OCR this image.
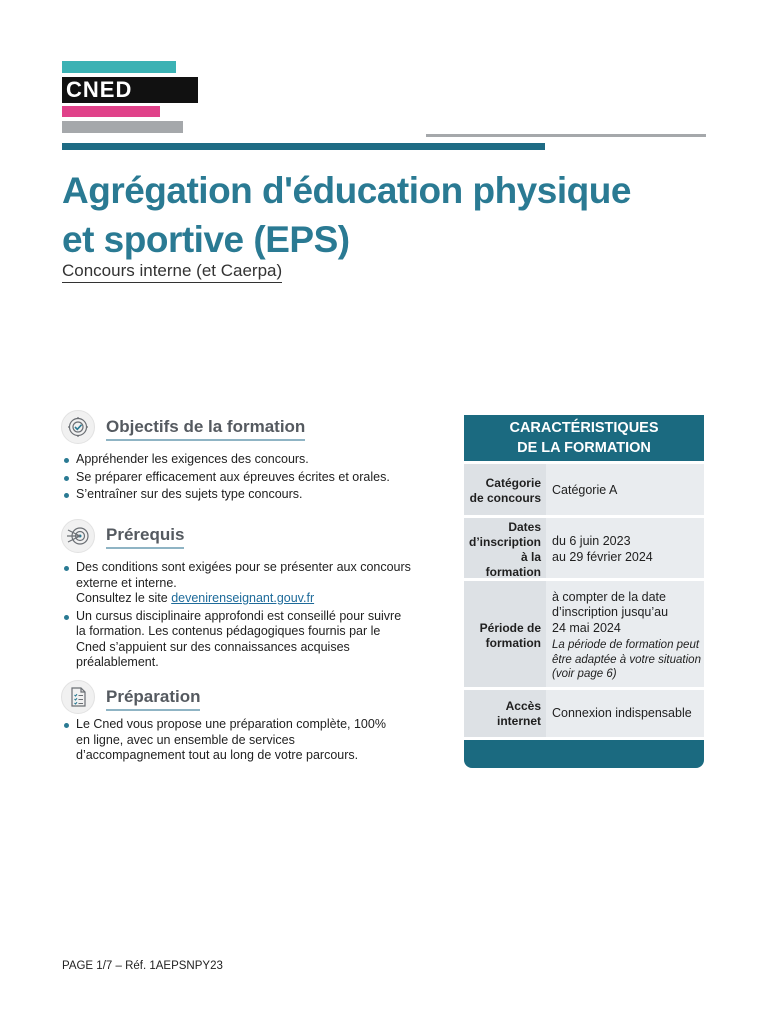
CNED
Agrégation d'éducation physique
et sportive (EPS)
Concours interne (et Caerpa)
Objectifs de la formation
Appréhender les exigences des concours.
Se préparer efficacement aux épreuves écrites et orales.
S’entraîner sur des sujets type concours.
Prérequis
Des conditions sont exigées pour se présenter aux concours externe et interne.
Consultez le site devenirenseignant.gouv.fr
Un cursus disciplinaire approfondi est conseillé pour suivre la formation. Les contenus pédagogiques fournis par le Cned s’appuient sur des connaissances acquises préalablement.
Préparation
Le Cned vous propose une préparation complète, 100% en ligne, avec un ensemble de services d’accompagnement tout au long de votre parcours.
CARACTÉRISTIQUES
DE LA FORMATION
Catégorie
de concours
Catégorie A
Dates
d’inscription
à la formation
du 6 juin 2023
au 29 février 2024
Période de
formation
à compter de la date
d’inscription jusqu’au
24 mai 2024
La période de formation peut être adaptée à votre situation (voir page 6)
Accès
internet
Connexion indispensable
PAGE 1/7 – Réf. 1AEPSNPY23
